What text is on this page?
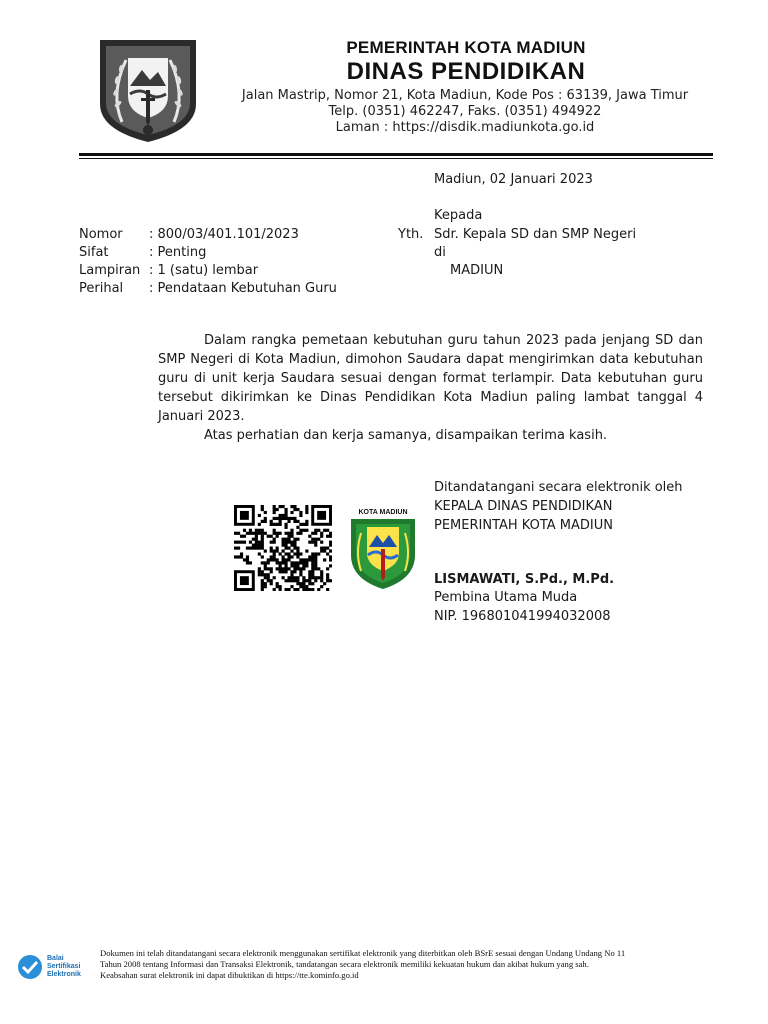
PEMERINTAH KOTA MADIUN
DINAS PENDIDIKAN
Jalan Mastrip, Nomor 21, Kota Madiun, Kode Pos : 63139, Jawa Timur
Telp. (0351) 462247, Faks. (0351) 494922
Laman : https://disdik.madiunkota.go.id
Madiun, 02 Januari 2023
Kepada
Yth. Sdr. Kepala SD dan SMP Negeri
di
MADIUN
Nomor : 800/03/401.101/2023
Sifat	: Penting
Lampiran : 1 (satu) lembar
Perihal : Pendataan Kebutuhan Guru

Dalam rangka pemetaan kebutuhan guru tahun 2023 pada jenjang SD dan SMP Negeri di Kota Madiun, dimohon Saudara dapat mengirimkan data kebutuhan guru di unit kerja Saudara sesuai dengan format terlampir. Data kebutuhan guru tersebut dikirimkan ke Dinas Pendidikan Kota Madiun paling lambat tanggal 4 Januari 2023.

Atas perhatian dan kerja samanya, disampaikan terima kasih.

KOTA MADIUN
Ditandatangani secara elektronik oleh
KEPALA DINAS PENDIDIKAN
PEMERINTAH KOTA MADIUN
LISMAWATI, S.Pd., M.Pd.
Pembina Utama Muda
NIP. 196801041994032008
Balai
Sertifikasi
Elektronik
Dokumen ini telah ditandatangani secara elektronik menggunakan sertifikat elektronik yang diterbitkan oleh BSrE sesuai dengan Undang Undang No 11
Tahun 2008 tentang Informasi dan Transaksi Elektronik, tandatangan secara elektronik memiliki kekuatan hukum dan akibat hukum yang sah.
Keabsahan surat elektronik ini dapat dibuktikan di https://tte.kominfo.go.id
